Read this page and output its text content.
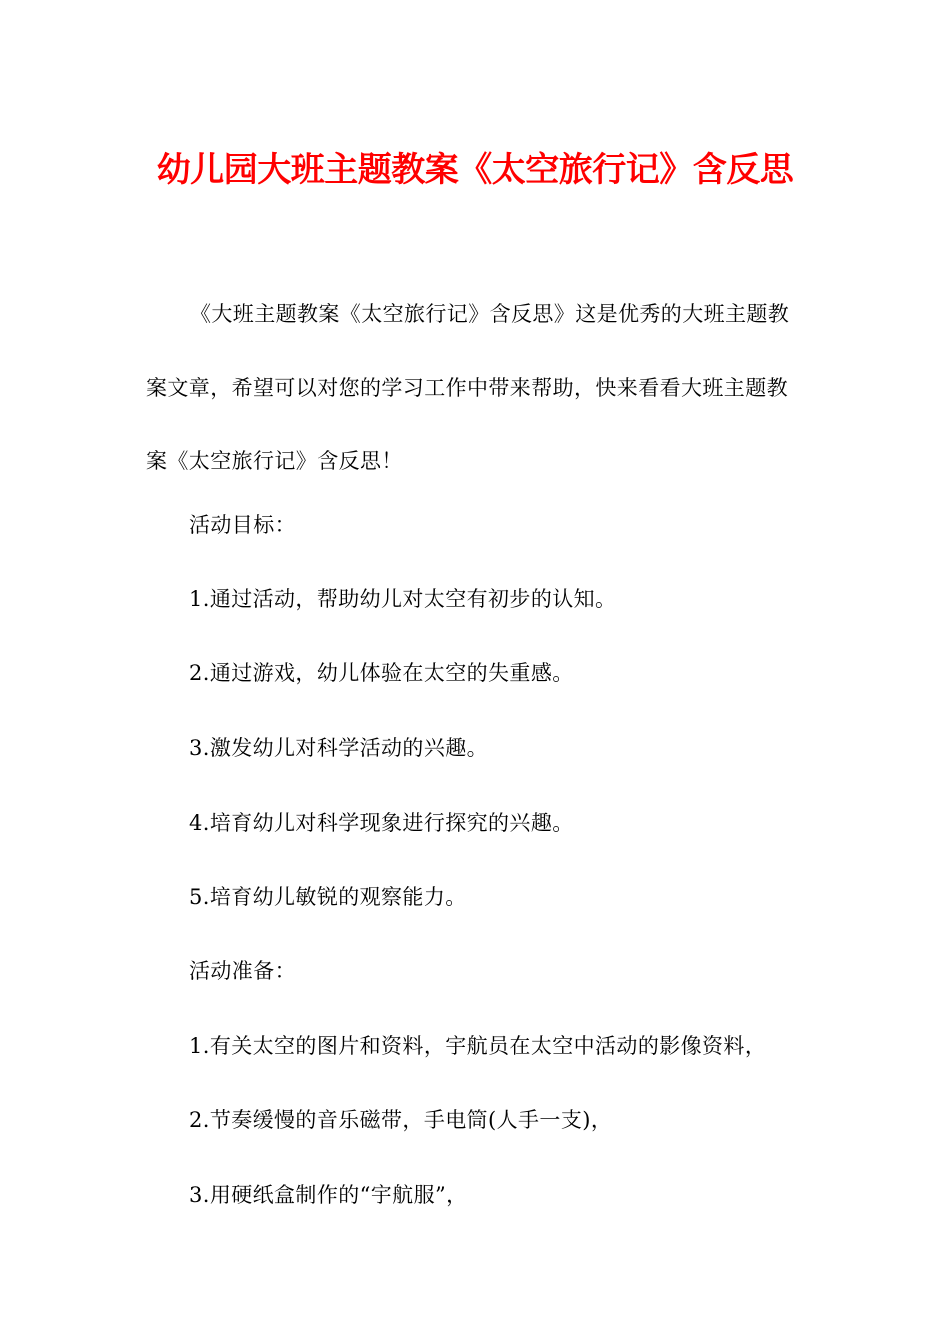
幼儿园大班主题教案《太空旅行记》含反思

《大班主题教案《太空旅行记》含反思》这是优秀的大班主题教案文章，希望可以对您的学习工作中带来帮助，快来看看大班主题教案《太空旅行记》含反思！

活动目标：

1.通过活动，帮助幼儿对太空有初步的认知。

2.通过游戏，幼儿体验在太空的失重感。

3.激发幼儿对科学活动的兴趣。

4.培育幼儿对科学现象进行探究的兴趣。

5.培育幼儿敏锐的观察能力。

活动准备：

1.有关太空的图片和资料，宇航员在太空中活动的影像资料，

2.节奏缓慢的音乐磁带，手电筒(人手一支)，

3.用硬纸盒制作的“宇航服”，
